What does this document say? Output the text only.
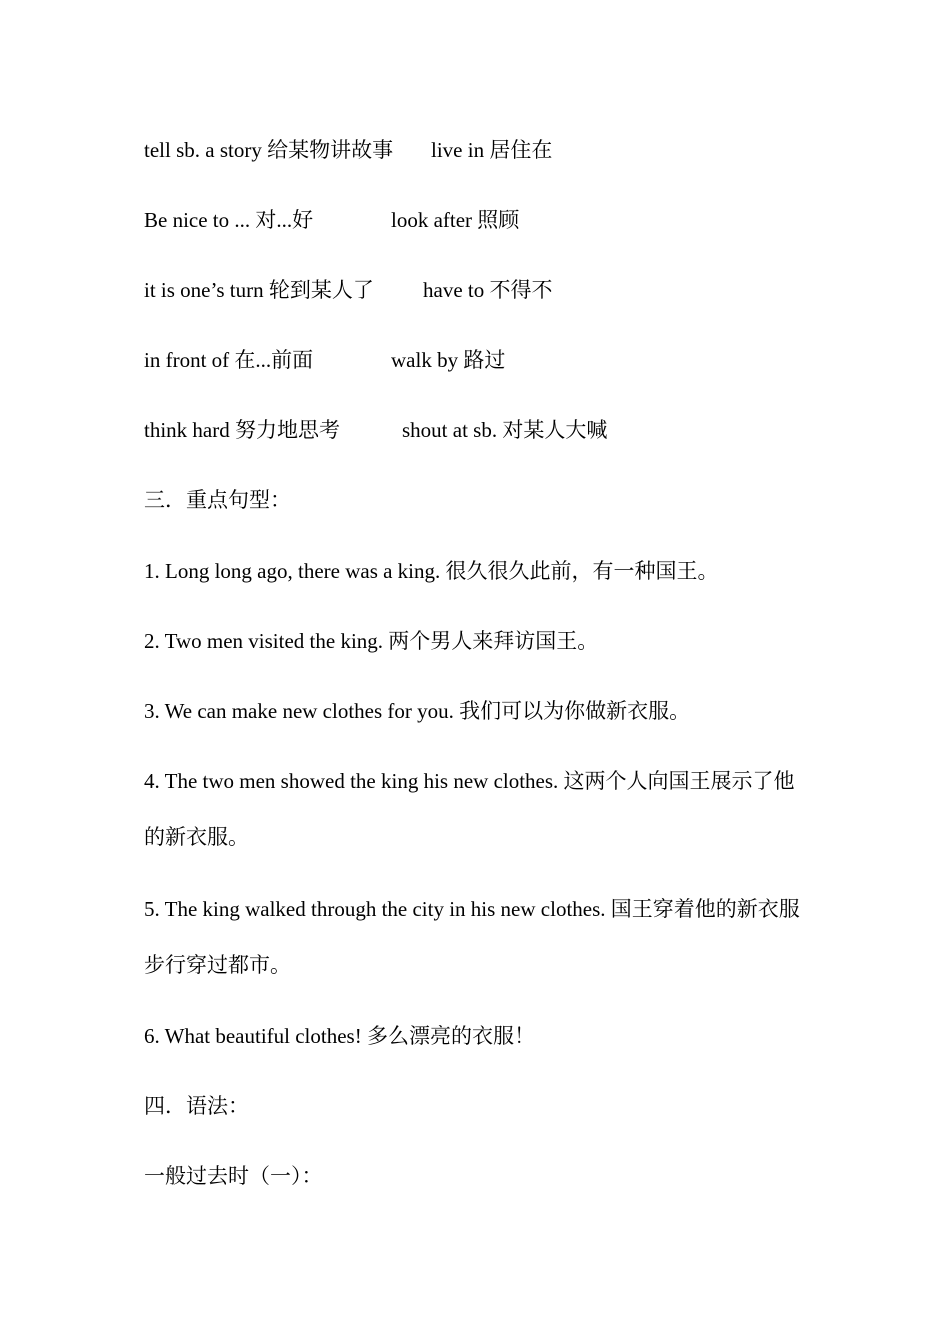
tell sb. a story 给某物讲故事 live in 居住在
Be nice to ... 对...好	look after 照顾
it is one’s turn 轮到某人了 have to 不得不
in front of 在...前面	walk by 路过
think hard 努力地思考	shout at sb. 对某人大喊
三．重点句型：
1. Long long ago, there was a king. 很久很久此前，有一种国王。
2. Two men visited the king. 两个男人来拜访国王。
3. We can make new clothes for you. 我们可以为你做新衣服。
4. The two men showed the king his new clothes. 这两个人向国王展示了他的新衣服。
5. The king walked through the city in his new clothes. 国王穿着他的新衣服步行穿过都市。
6. What beautiful clothes! 多么漂亮的衣服！
四．语法：
一般过去时（一）：
